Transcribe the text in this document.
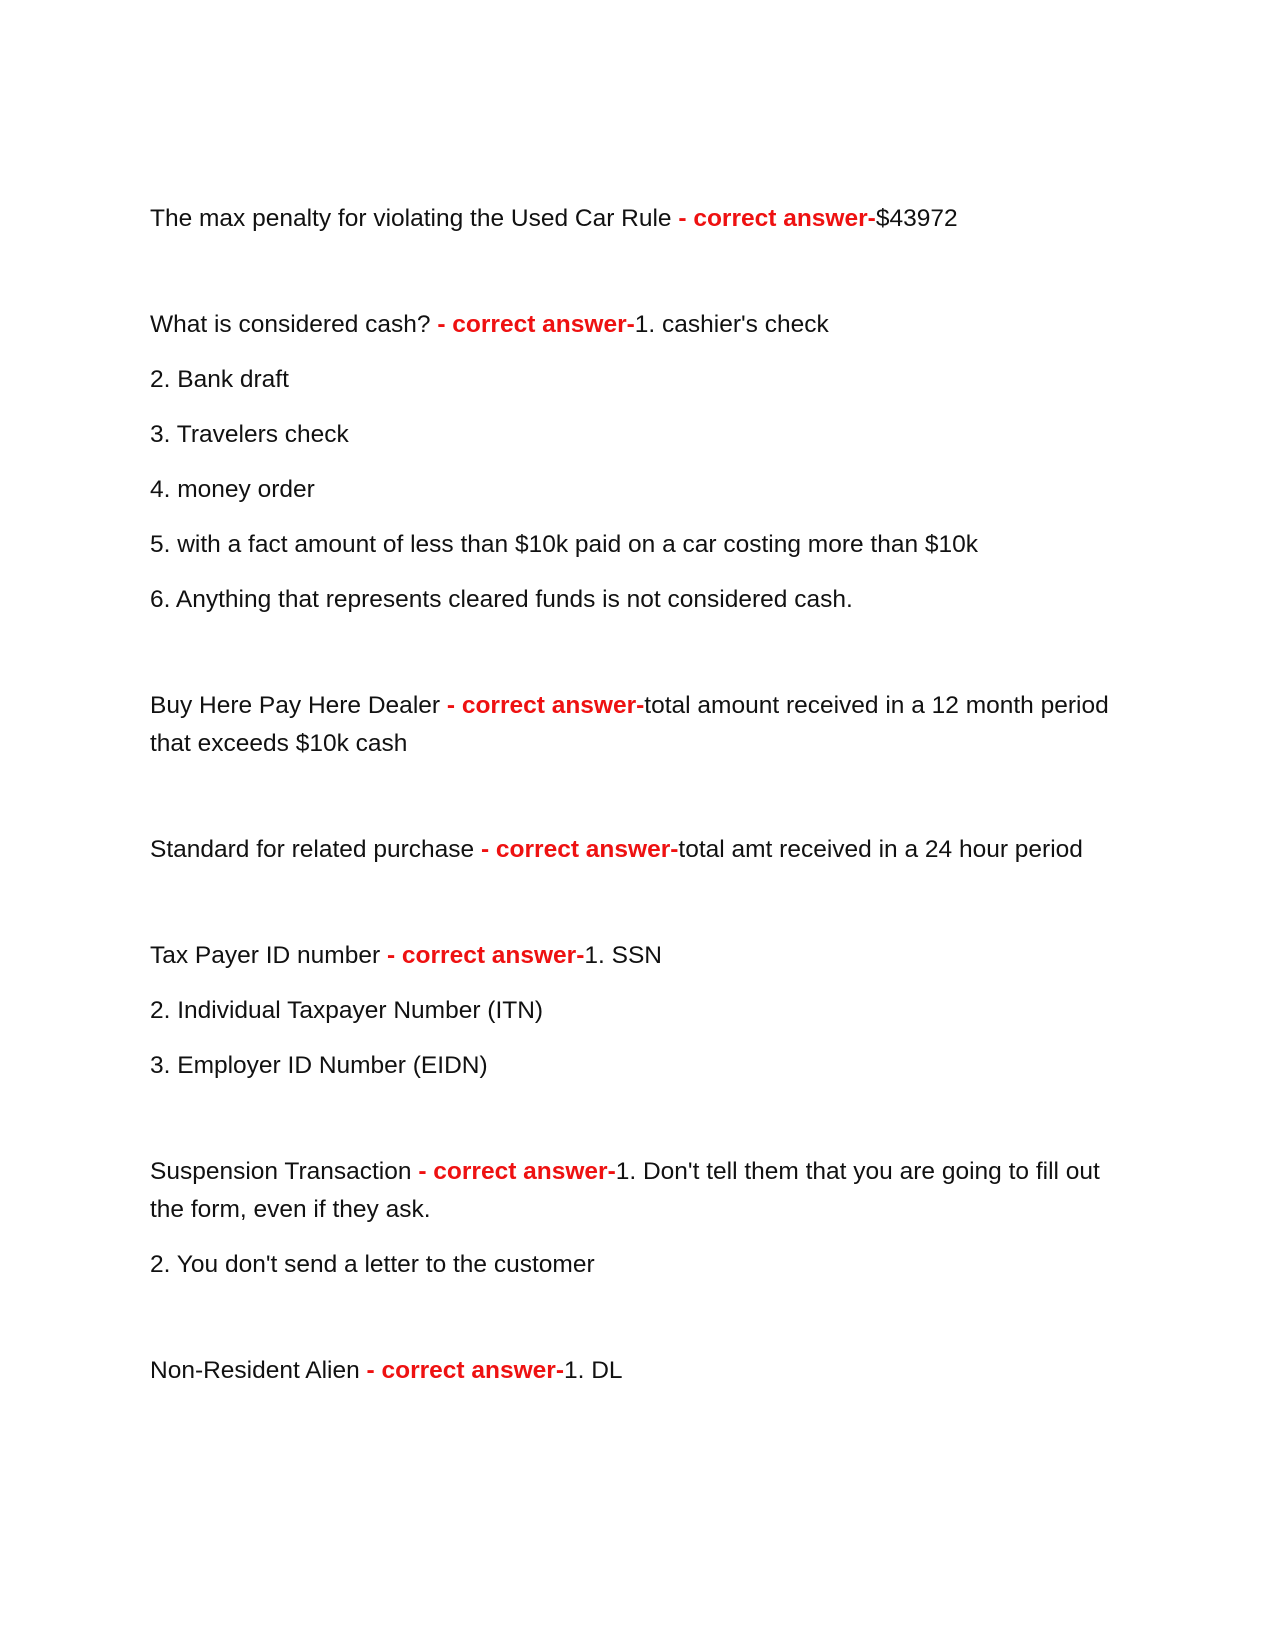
The max penalty for violating the Used Car Rule - correct answer-$43972

What is considered cash? - correct answer-1. cashier's check

2. Bank draft

3. Travelers check

4. money order

5. with a fact amount of less than $10k paid on a car costing more than $10k

6. Anything that represents cleared funds is not considered cash.

Buy Here Pay Here Dealer - correct answer-total amount received in a 12 month period that exceeds $10k cash

Standard for related purchase - correct answer-total amt received in a 24 hour period

Tax Payer ID number - correct answer-1. SSN

2. Individual Taxpayer Number (ITN)

3. Employer ID Number (EIDN)

Suspension Transaction - correct answer-1. Don't tell them that you are going to fill out the form, even if they ask.

2. You don't send a letter to the customer

Non-Resident Alien - correct answer-1. DL
